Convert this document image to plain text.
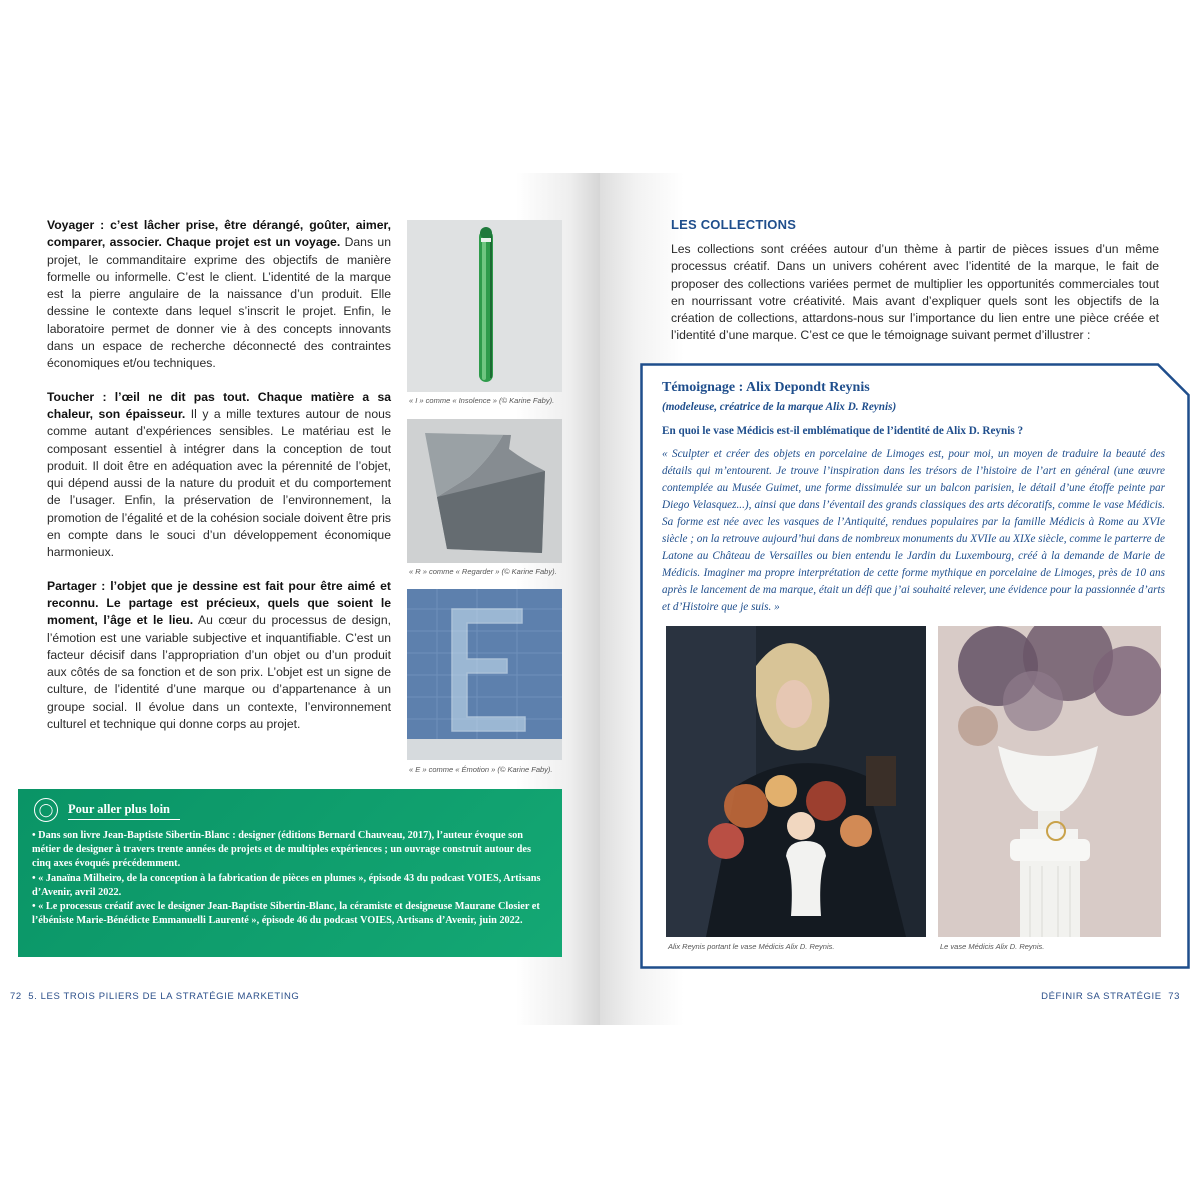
Voyager : c’est lâcher prise, être dérangé, goûter, aimer, comparer, associer. Chaque projet est un voyage. Dans un projet, le commanditaire exprime des objectifs de manière formelle ou informelle. C’est le client. L’identité de la marque est la pierre angulaire de la naissance d’un produit. Elle dessine le contexte dans lequel s’inscrit le projet. Enfin, le laboratoire permet de donner vie à des concepts innovants dans un espace de recherche déconnecté des contraintes économiques et/ou techniques.

Toucher : l’œil ne dit pas tout. Chaque matière a sa chaleur, son épaisseur. Il y a mille textures autour de nous comme autant d’expériences sensibles. Le matériau est le composant essentiel à intégrer dans la conception de tout produit. Il doit être en adéquation avec la pérennité de l’objet, qui dépend aussi de la nature du produit et du comportement de l’usager. Enfin, la préservation de l’environnement, la promotion de l’égalité et de la cohésion sociale doivent être pris en compte dans le souci d’un développement économique harmonieux.

Partager : l’objet que je dessine est fait pour être aimé et reconnu. Le partage est précieux, quels que soient le moment, l’âge et le lieu. Au cœur du processus de design, l’émotion est une variable subjective et inquantifiable. C’est un facteur décisif dans l’appropriation d’un objet ou d’un produit aux côtés de sa fonction et de son prix. L’objet est un signe de culture, de l’identité d’une marque ou d’appartenance à un groupe social. Il évolue dans un contexte, l’environnement culturel et technique qui donne corps au projet.

« I » comme « Insolence » (© Karine Faby).
« R » comme « Regarder » (© Karine Faby).
« E » comme « Émotion » (© Karine Faby).
◯	Pour aller plus loin
• Dans son livre Jean-Baptiste Sibertin-Blanc : designer (éditions Bernard Chauveau, 2017), l’auteur évoque son métier de designer à travers trente années de projets et de multiples expériences ; un ouvrage construit autour des cinq axes évoqués précédemment.
• « Janaïna Milheiro, de la conception à la fabrication de pièces en plumes », épisode 43 du podcast VOIES, Artisans d’Avenir, avril 2022.
• « Le processus créatif avec le designer Jean-Baptiste Sibertin-Blanc, la céramiste et designeuse Maurane Closier et l’ébéniste Marie-Bénédicte Emmanuelli Laurenté », épisode 46 du podcast VOIES, Artisans d’Avenir, juin 2022.
72 5. LES TROIS PILIERS DE LA STRATÉGIE MARKETING
LES COLLECTIONS
Les collections sont créées autour d’un thème à partir de pièces issues d’un même processus créatif. Dans un univers cohérent avec l’identité de la marque, le fait de proposer des collections variées permet de multiplier les opportunités commerciales tout en nourrissant votre créativité. Mais avant d’expliquer quels sont les objectifs de la création de collections, attardons-nous sur l’importance du lien entre une pièce créée et l’identité d’une marque. C’est ce que le témoignage suivant permet d’illustrer :
Témoignage : Alix Depondt Reynis
(modeleuse, créatrice de la marque Alix D. Reynis)
En quoi le vase Médicis est-il emblématique de l’identité de Alix D. Reynis ?
« Sculpter et créer des objets en porcelaine de Limoges est, pour moi, un moyen de traduire la beauté des détails qui m’entourent. Je trouve l’inspiration dans les trésors de l’histoire de l’art en général (une œuvre contemplée au Musée Guimet, une forme dissimulée sur un balcon parisien, le détail d’une étoffe peinte par Diego Velasquez...), ainsi que dans l’éventail des grands classiques des arts décoratifs, comme le vase Médicis. Sa forme est née avec les vasques de l’Antiquité, rendues populaires par la famille Médicis à Rome au XVIe siècle ; on la retrouve aujourd’hui dans de nombreux monuments du XVIIe au XIXe siècle, comme le parterre de Latone au Château de Versailles ou bien entendu le Jardin du Luxembourg, créé à la demande de Marie de Médicis. Imaginer ma propre interprétation de cette forme mythique en porcelaine de Limoges, près de 10 ans après le lancement de ma marque, était un défi que j’ai souhaité relever, une évidence pour la passionnée d’arts et d’Histoire que je suis. »
DÉFINIR SA STRATÉGIE 73
Alix Reynis portant le vase Médicis Alix D. Reynis.	Le vase Médicis Alix D. Reynis.
